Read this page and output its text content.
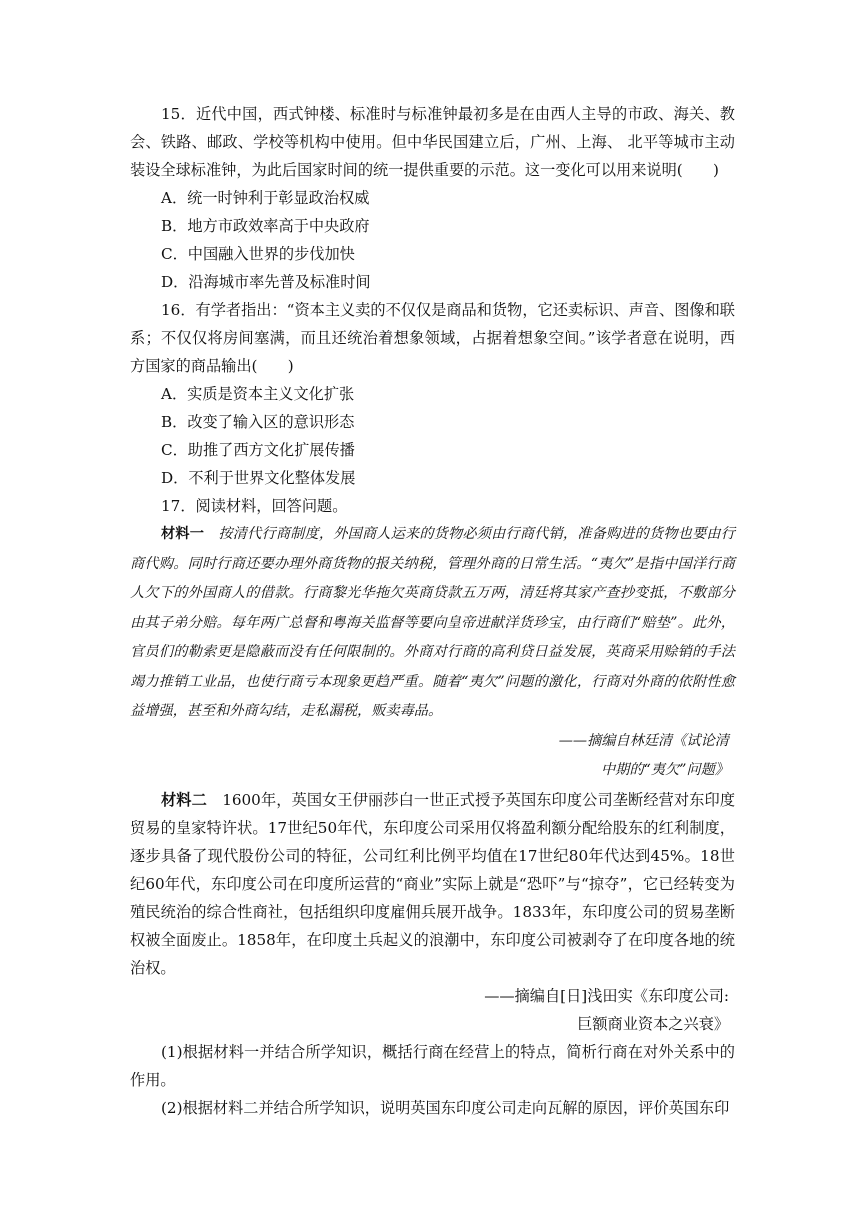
15．近代中国，西式钟楼、标准时与标准钟最初多是在由西人主导的市政、海关、教会、铁路、邮政、学校等机构中使用。但中华民国建立后，广州、上海、 北平等城市主动装设全球标准钟，为此后国家时间的统一提供重要的示范。这一变化可以用来说明(　　)

A．统一时钟利于彰显政治权威

B．地方市政效率高于中央政府

C．中国融入世界的步伐加快

D．沿海城市率先普及标准时间

16．有学者指出：“资本主义卖的不仅仅是商品和货物，它还卖标识、声音、图像和联系；不仅仅将房间塞满，而且还统治着想象领域，占据着想象空间。”该学者意在说明，西方国家的商品输出(　　)

A．实质是资本主义文化扩张

B．改变了输入区的意识形态

C．助推了西方文化扩展传播

D．不利于世界文化整体发展

17．阅读材料，回答问题。

材料一　 按清代行商制度，外国商人运来的货物必须由行商代销，准备购进的货物也要由行商代购。同时行商还要办理外商货物的报关纳税，管理外商的日常生活。“夷欠”是指中国洋行商人欠下的外国商人的借款。行商黎光华拖欠英商贷款五万两，清廷将其家产查抄变抵，不敷部分由其子弟分赔。每年两广总督和粤海关监督等要向皇帝进献洋货珍宝，由行商们“赔垫”。此外，官员们的勒索更是隐蔽而没有任何限制的。外商对行商的高利贷日益发展，英商采用赊销的手法竭力推销工业品，也使行商亏本现象更趋严重。随着“夷欠”问题的激化，行商对外商的依附性愈益增强，甚至和外商勾结，走私漏税，贩卖毒品。

——摘编自林廷清《试论清

中期的“夷欠”问题》

材料二　 1600年，英国女王伊丽莎白一世正式授予英国东印度公司垄断经营对东印度贸易的皇家特许状。17世纪50年代，东印度公司采用仅将盈利额分配给股东的红利制度，逐步具备了现代股份公司的特征，公司红利比例平均值在17世纪80年代达到45%。18世纪60年代，东印度公司在印度所运营的“商业”实际上就是“恐吓”与“掠夺”，它已经转变为殖民统治的综合性商社，包括组织印度雇佣兵展开战争。1833年，东印度公司的贸易垄断权被全面废止。1858年，在印度土兵起义的浪潮中，东印度公司被剥夺了在印度各地的统治权。

——摘编自[日]浅田实《东印度公司:

巨额商业资本之兴衰》

(1)根据材料一并结合所学知识，概括行商在经营上的特点，简析行商在对外关系中的作用。

(2)根据材料二并结合所学知识，说明英国东印度公司走向瓦解的原因，评价英国东印
